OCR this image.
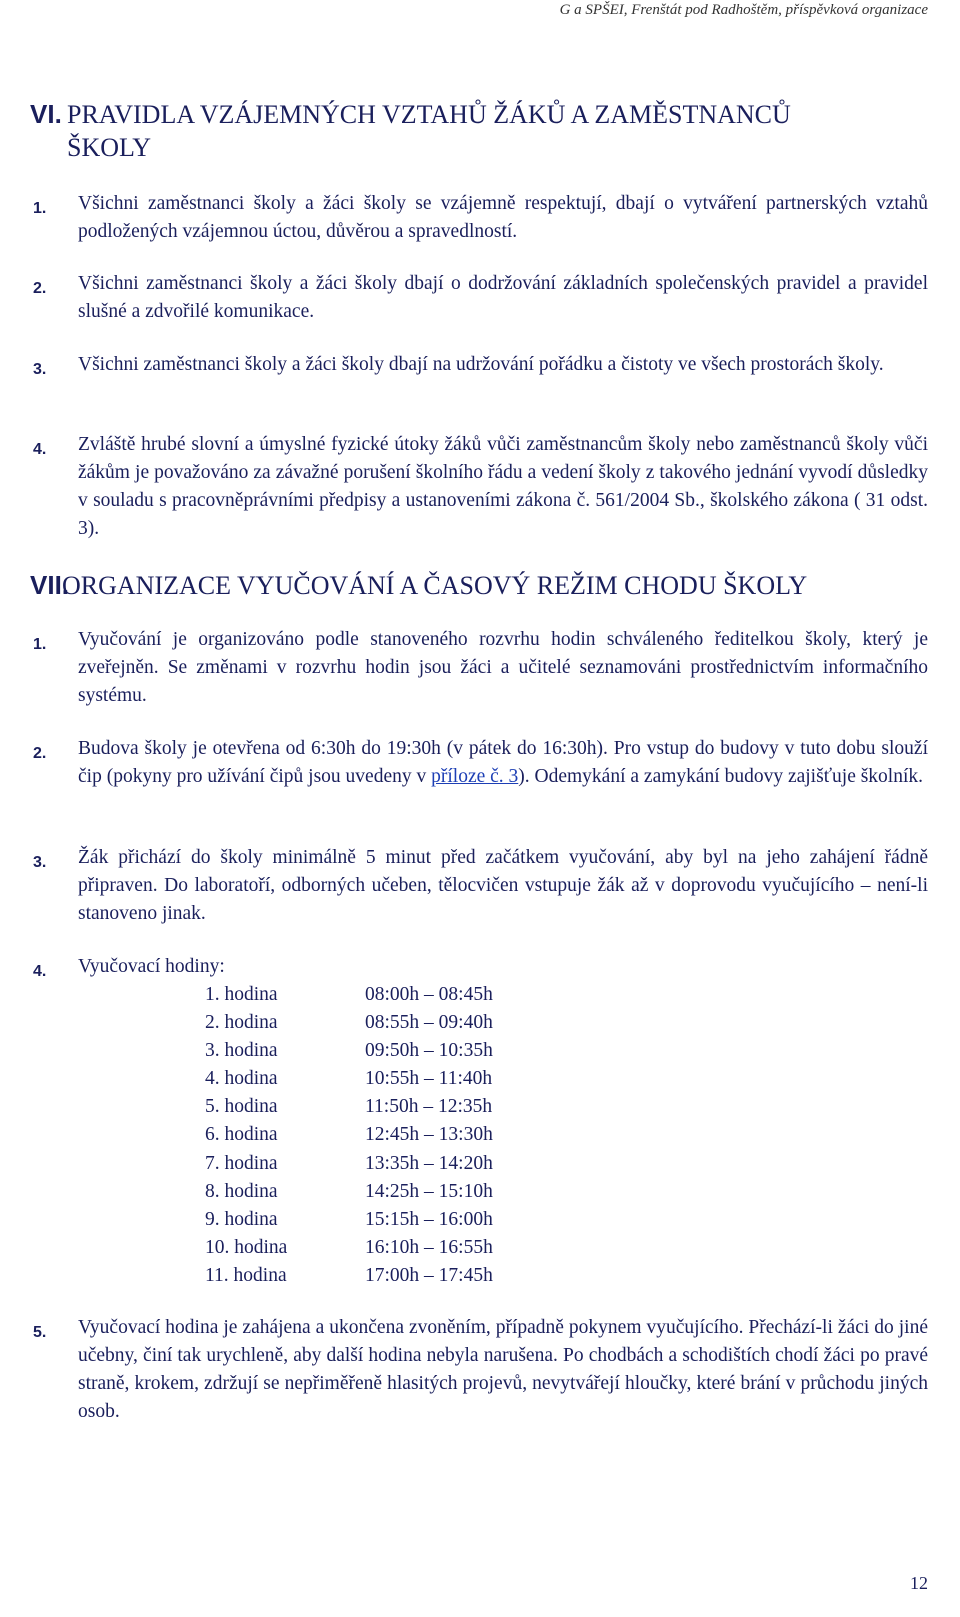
G a SPŠEI, Frenštát pod Radhoštěm, příspěvková organizace
VI. PRAVIDLA VZÁJEMNÝCH VZTAHŮ ŽÁKŮ A ZAMĚSTNANCŮ
ŠKOLY
1.	Všichni zaměstnanci školy a žáci školy se vzájemně respektují, dbají o vytváření partnerských vztahů podložených vzájemnou úctou, důvěrou a spravedlností.
2.	Všichni zaměstnanci školy a žáci školy dbají o dodržování základních společenských pravidel a pravidel slušné a zdvořilé komunikace.
3.	Všichni zaměstnanci školy a žáci školy dbají na udržování pořádku a čistoty ve všech prostorách školy.
4.	Zvláště hrubé slovní a úmyslné fyzické útoky žáků vůči zaměstnancům školy nebo zaměstnanců školy vůči žákům je považováno za závažné porušení školního řádu a vedení školy z takového jednání vyvodí důsledky v souladu s pracovněprávními předpisy a ustanoveními zákona č. 561/2004 Sb., školského zákona ( 31 odst. 3).
VII.ORGANIZACE VYUČOVÁNÍ A ČASOVÝ REŽIM CHODU ŠKOLY
1.	Vyučování je organizováno podle stanoveného rozvrhu hodin schváleného ředitelkou školy, který je zveřejněn. Se změnami v rozvrhu hodin jsou žáci a učitelé seznamováni prostřednictvím informačního systému.
2.	Budova školy je otevřena od 6:30h do 19:30h (v pátek do 16:30h). Pro vstup do budovy v tuto dobu slouží čip (pokyny pro užívání čipů jsou uvedeny v příloze č. 3). Odemykání a zamykání budovy zajišťuje školník.
3.	Žák přichází do školy minimálně 5 minut před začátkem vyučování, aby byl na jeho zahájení řádně připraven. Do laboratoří, odborných učeben, tělocvičen vstupuje žák až v doprovodu vyučujícího – není-li stanoveno jinak.
4.	Vyučovací hodiny:
1. hodina	08:00h – 08:45h
2. hodina	08:55h – 09:40h
3. hodina	09:50h – 10:35h
4. hodina	10:55h – 11:40h
5. hodina	11:50h – 12:35h
6. hodina	12:45h – 13:30h
7. hodina	13:35h – 14:20h
8. hodina	14:25h – 15:10h
9. hodina	15:15h – 16:00h
10. hodina	16:10h – 16:55h
11. hodina	17:00h – 17:45h
5.	Vyučovací hodina je zahájena a ukončena zvoněním, případně pokynem vyučujícího. Přechází-li žáci do jiné učebny, činí tak urychleně, aby další hodina nebyla narušena. Po chodbách a schodištích chodí žáci po pravé straně, krokem, zdržují se nepřiměřeně hlasitých projevů, nevytvářejí hloučky, které brání v průchodu jiných osob.
12
